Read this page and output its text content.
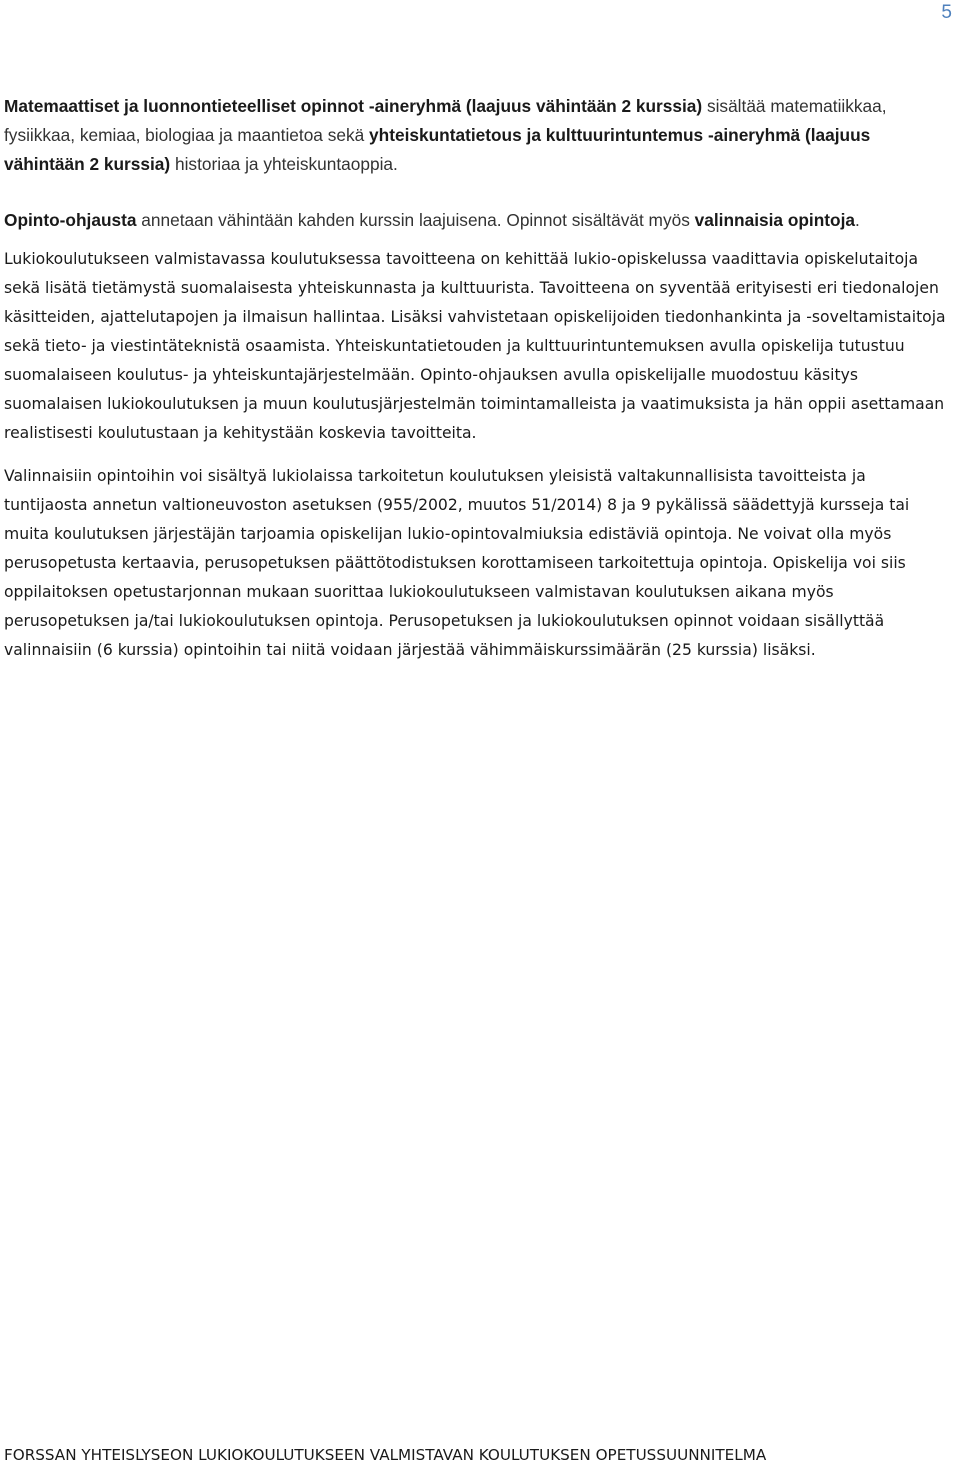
5

Matemaattiset ja luonnontieteelliset opinnot -aineryhmä (laajuus vähintään 2 kurssia) sisältää matematiikkaa, fysiikkaa, kemiaa, biologiaa ja maantietoa sekä yhteiskuntatietous ja kulttuurintuntemus -aineryhmä (laajuus vähintään 2 kurssia) historiaa ja yhteiskuntaoppia.

Opinto-ohjausta annetaan vähintään kahden kurssin laajuisena. Opinnot sisältävät myös valinnaisia opintoja.

Lukiokoulutukseen valmistavassa koulutuksessa tavoitteena on kehittää lukio-opiskelussa vaadittavia opiskelutaitoja sekä lisätä tietämystä suomalaisesta yhteiskunnasta ja kulttuurista. Tavoitteena on syventää erityisesti eri tiedonalojen käsitteiden, ajattelutapojen ja ilmaisun hallintaa. Lisäksi vahvistetaan opiskelijoiden tiedonhankinta ja -soveltamistaitoja sekä tieto- ja viestintäteknistä osaamista. Yhteiskuntatietouden ja kulttuurintuntemuksen avulla opiskelija tutustuu suomalaiseen koulutus- ja yhteiskuntajärjestelmään. Opinto-ohjauksen avulla opiskelijalle muodostuu käsitys suomalaisen lukiokoulutuksen ja muun koulutusjärjestelmän toimintamalleista ja vaatimuksista ja hän oppii asettamaan realistisesti koulutustaan ja kehitystään koskevia tavoitteita.

Valinnaisiin opintoihin voi sisältyä lukiolaissa tarkoitetun koulutuksen yleisistä valtakunnallisista tavoitteista ja tuntijaosta annetun valtioneuvoston asetuksen (955/2002, muutos 51/2014) 8 ja 9 pykälissä säädettyjä kursseja tai muita koulutuksen järjestäjän tarjoamia opiskelijan lukio-opintovalmiuksia edistäviä opintoja. Ne voivat olla myös perusopetusta kertaavia, perusopetuksen päättötodistuksen korottamiseen tarkoitettuja opintoja. Opiskelija voi siis oppilaitoksen opetustarjonnan mukaan suorittaa lukiokoulutukseen valmistavan koulutuksen aikana myös perusopetuksen ja/tai lukiokoulutuksen opintoja. Perusopetuksen ja lukiokoulutuksen opinnot voidaan sisällyttää valinnaisiin (6 kurssia) opintoihin tai niitä voidaan järjestää vähimmäiskurssimäärän (25 kurssia) lisäksi.

FORSSAN YHTEISLYSEON LUKIOKOULUTUKSEEN VALMISTAVAN KOULUTUKSEN OPETUSSUUNNITELMA
